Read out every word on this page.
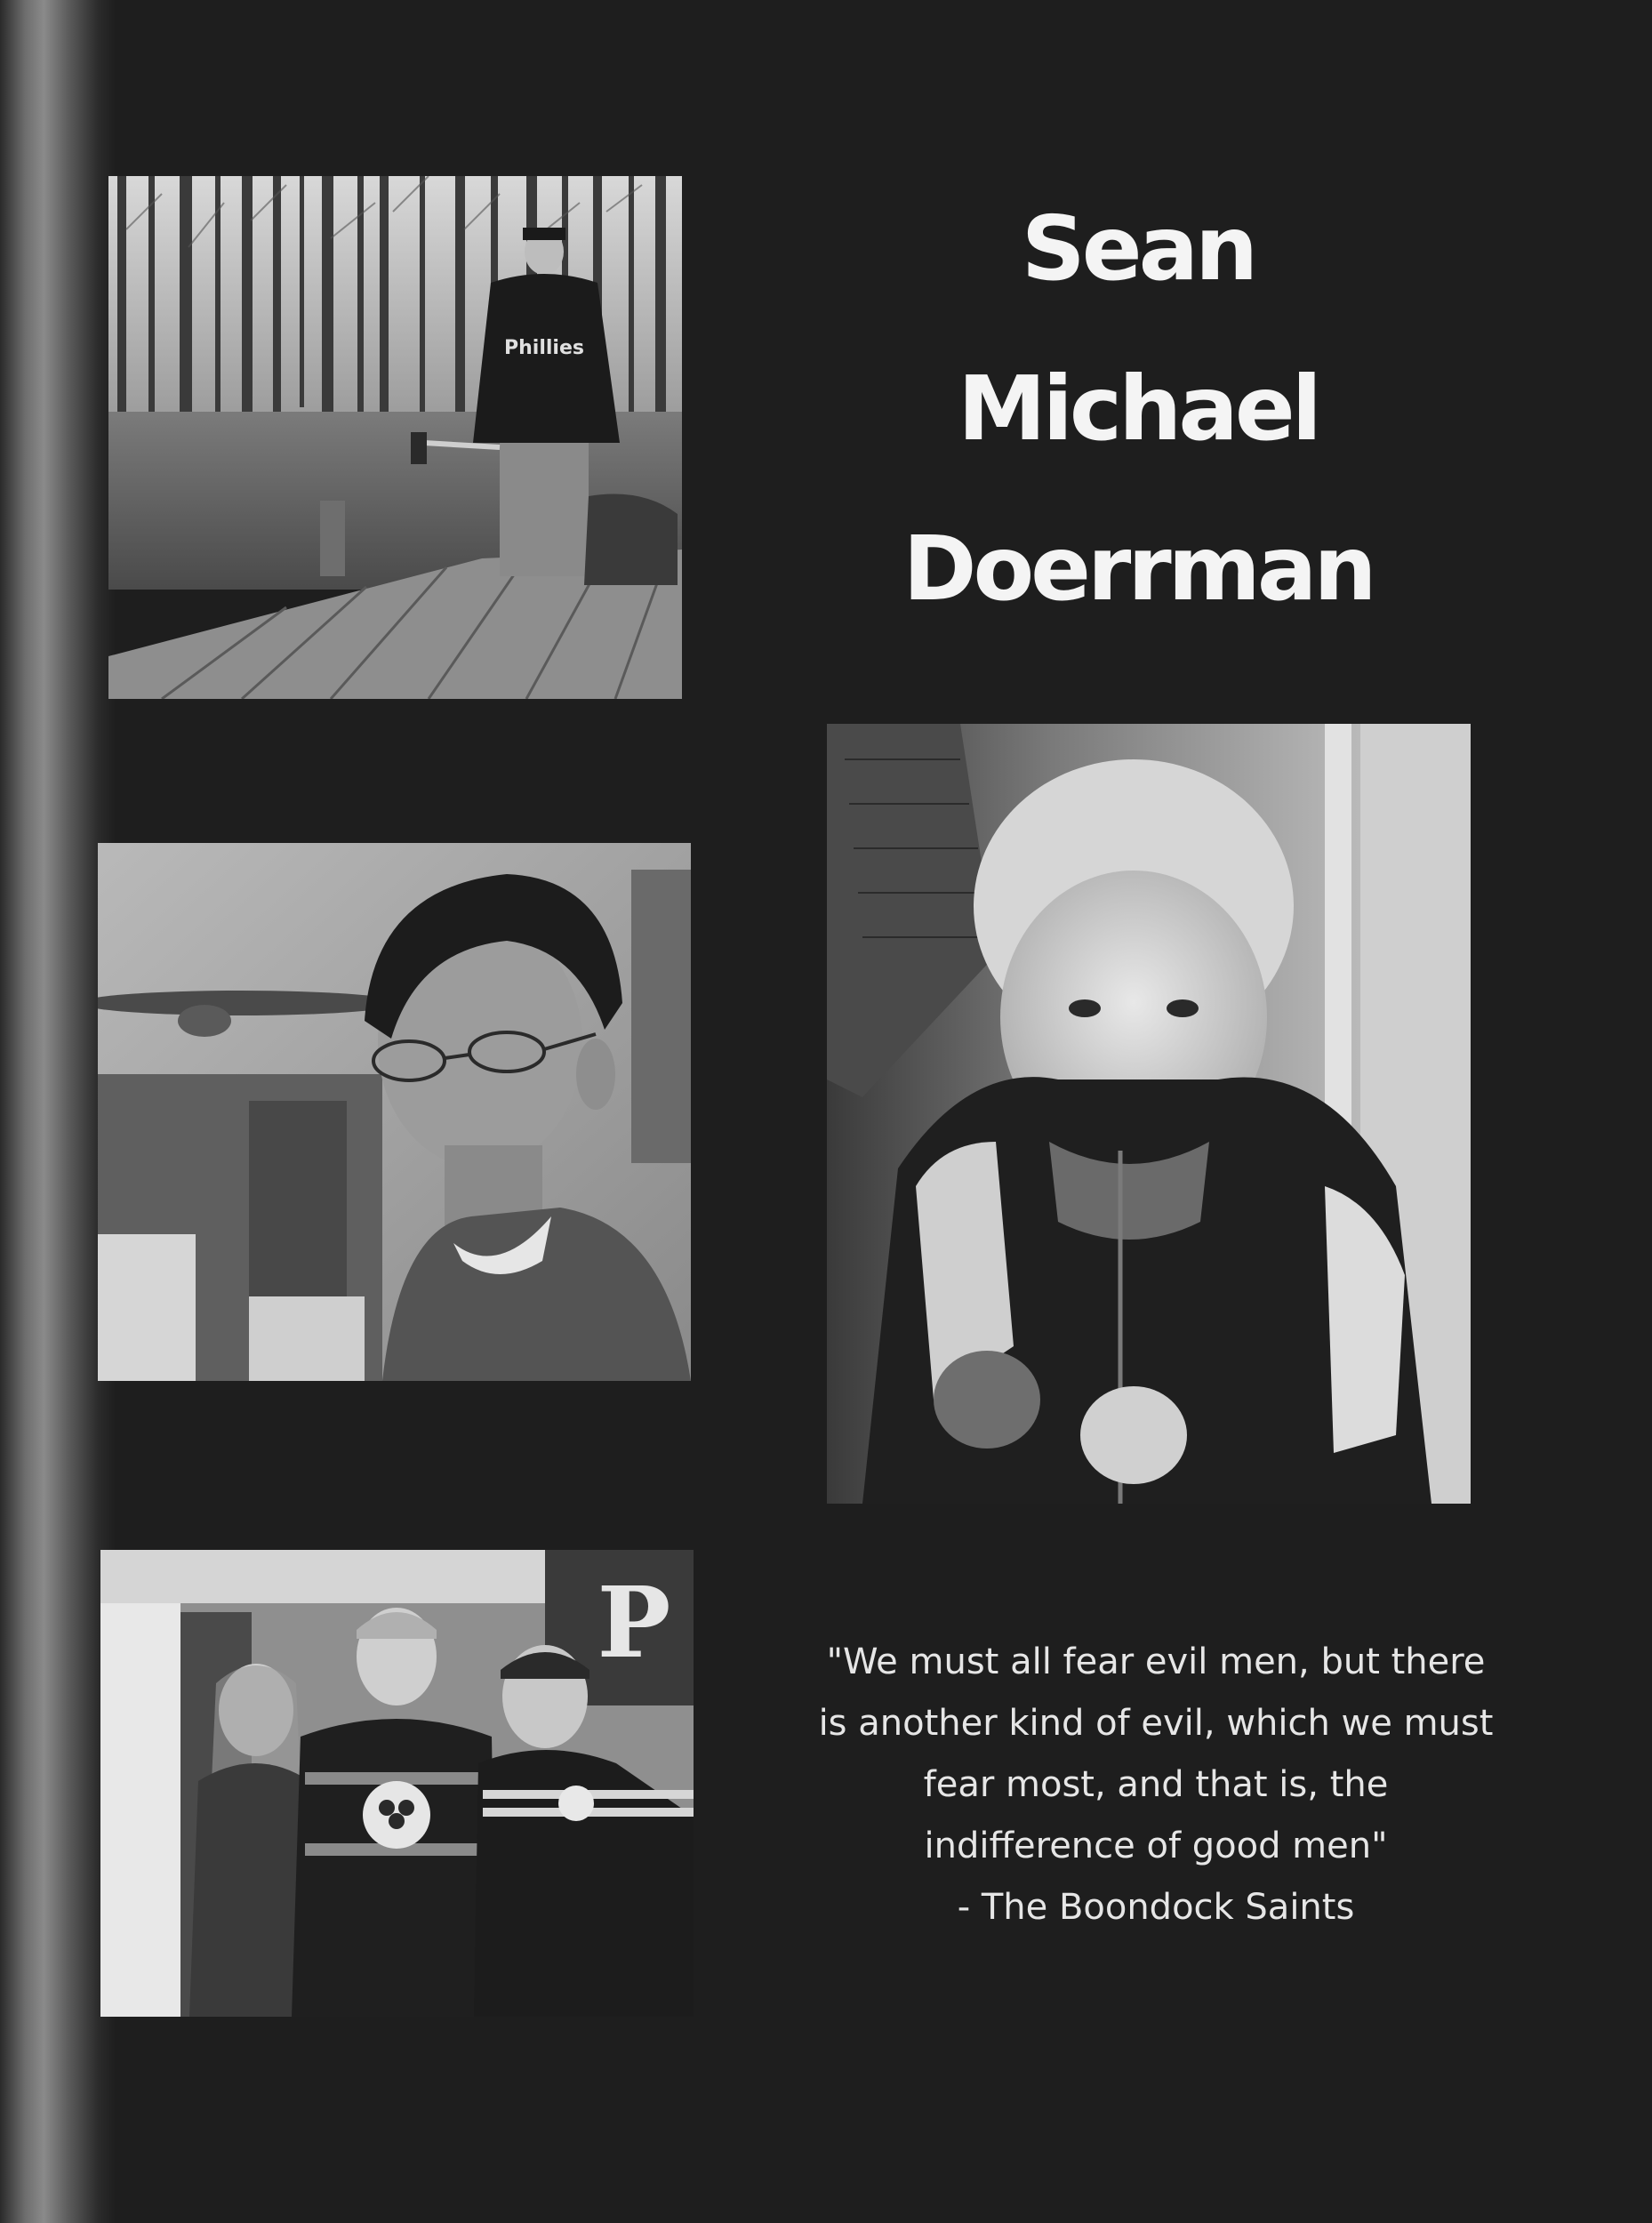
Phillies
P
Sean
Michael
Doerrman
"We must all fear evil men, but there
is another kind of evil, which we must
fear most, and that is, the
indifference of good men"
- The Boondock Saints
